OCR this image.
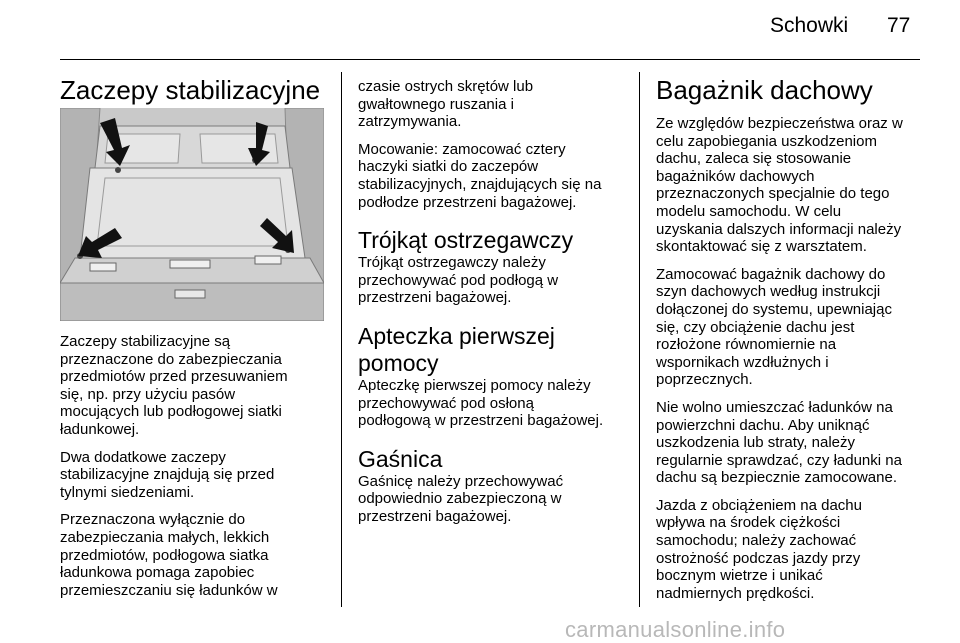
Schowki 77
Zaczepy stabilizacyjne

Zaczepy stabilizacyjne są
przeznaczone do zabezpieczania
przedmiotów przed przesuwaniem
się, np. przy użyciu pasów
mocujących lub podłogowej siatki
ładunkowej.

Dwa dodatkowe zaczepy
stabilizacyjne znajdują się przed
tylnymi siedzeniami.

Przeznaczona wyłącznie do
zabezpieczania małych, lekkich
przedmiotów, podłogowa siatka
ładunkowa pomaga zapobiec
przemieszczaniu się ładunków w

czasie ostrych skrętów lub
gwałtownego ruszania i
zatrzymywania.

Mocowanie: zamocować cztery
haczyki siatki do zaczepów
stabilizacyjnych, znajdujących się na
podłodze przestrzeni bagażowej.

Trójkąt ostrzegawczy

Trójkąt ostrzegawczy należy
przechowywać pod podłogą w
przestrzeni bagażowej.

Apteczka pierwszej
pomocy

Apteczkę pierwszej pomocy należy
przechowywać pod osłoną
podłogową w przestrzeni bagażowej.

Gaśnica

Gaśnicę należy przechowywać
odpowiednio zabezpieczoną w
przestrzeni bagażowej.

Bagażnik dachowy

Ze względów bezpieczeństwa oraz w
celu zapobiegania uszkodzeniom
dachu, zaleca się stosowanie
bagażników dachowych
przeznaczonych specjalnie do tego
modelu samochodu. W celu
uzyskania dalszych informacji należy
skontaktować się z warsztatem.

Zamocować bagażnik dachowy do
szyn dachowych według instrukcji
dołączonej do systemu, upewniając
się, czy obciążenie dachu jest
rozłożone równomiernie na
wspornikach wzdłużnych i
poprzecznych.

Nie wolno umieszczać ładunków na
powierzchni dachu. Aby uniknąć
uszkodzenia lub straty, należy
regularnie sprawdzać, czy ładunki na
dachu są bezpiecznie zamocowane.

Jazda z obciążeniem na dachu
wpływa na środek ciężkości
samochodu; należy zachować
ostrożność podczas jazdy przy
bocznym wietrze i unikać
nadmiernych prędkości.

carmanualsonline.info
